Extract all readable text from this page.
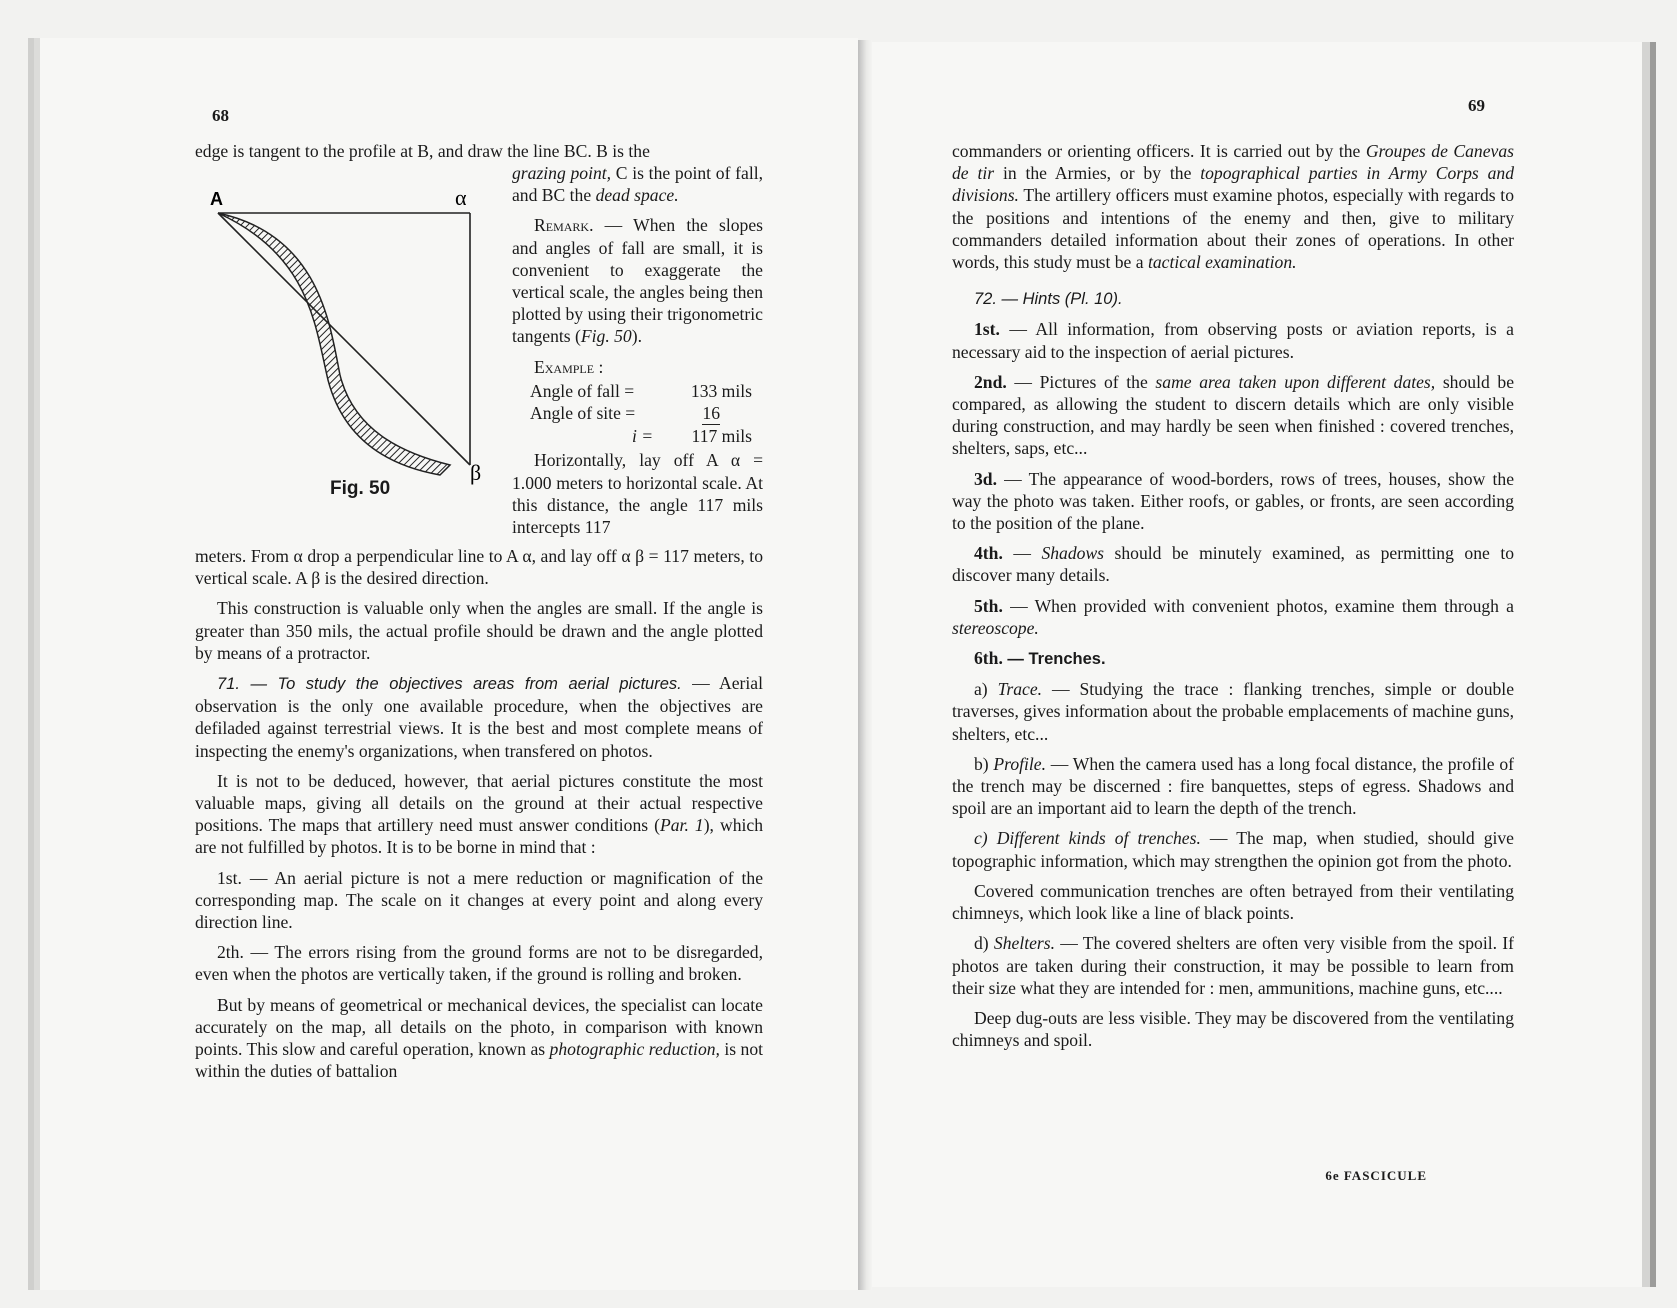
68
edge is tangent to the profile at B, and draw the line BC. B is the

grazing point, C is the point of fall, and BC the dead space.

Remark. — When the slopes and angles of fall are small, it is convenient to exaggerate the vertical scale, the angles being then plotted by using their trigonometric tangents (Fig. 50).

Example :

Angle of fall =	133 mils
Angle of site =	16
i = 117 mils

Horizontally, lay off A α = 1.000 meters to horizontal scale. At this distance, the angle 117 mils intercepts 117

A	α
β
Fig. 50

meters. From α drop a perpendicular line to A α, and lay off α β = 117 meters, to vertical scale. A β is the desired direction.

This construction is valuable only when the angles are small. If the angle is greater than 350 mils, the actual profile should be drawn and the angle plotted by means of a protractor.

71. — To study the objectives areas from aerial pictures. — Aerial observation is the only one available procedure, when the objectives are defiladed against terrestrial views. It is the best and most complete means of inspecting the enemy's organizations, when transfered on photos.

It is not to be deduced, however, that aerial pictures constitute the most valuable maps, giving all details on the ground at their actual respective positions. The maps that artillery need must answer conditions (Par. 1), which are not fulfilled by photos. It is to be borne in mind that :

1st. — An aerial picture is not a mere reduction or magnification of the corresponding map. The scale on it changes at every point and along every direction line.

2th. — The errors rising from the ground forms are not to be disregarded, even when the photos are vertically taken, if the ground is rolling and broken.

But by means of geometrical or mechanical devices, the specialist can locate accurately on the map, all details on the photo, in comparison with known points. This slow and careful operation, known as photographic reduction, is not within the duties of battalion

69

commanders or orienting officers. It is carried out by the Groupes de Canevas de tir in the Armies, or by the topographical parties in Army Corps and divisions. The artillery officers must examine photos, especially with regards to the positions and intentions of the enemy and then, give to military commanders detailed information about their zones of operations. In other words, this study must be a tactical examination.

72. — Hints (Pl. 10).

1st. — All information, from observing posts or aviation reports, is a necessary aid to the inspection of aerial pictures.

2nd. — Pictures of the same area taken upon different dates, should be compared, as allowing the student to discern details which are only visible during construction, and may hardly be seen when finished : covered trenches, shelters, saps, etc...

3d. — The appearance of wood-borders, rows of trees, houses, show the way the photo was taken. Either roofs, or gables, or fronts, are seen according to the position of the plane.

4th. — Shadows should be minutely examined, as permitting one to discover many details.

5th. — When provided with convenient photos, examine them through a stereoscope.

6th. — Trenches.

a) Trace. — Studying the trace : flanking trenches, simple or double traverses, gives information about the probable emplacements of machine guns, shelters, etc...

b) Profile. — When the camera used has a long focal distance, the profile of the trench may be discerned : fire banquettes, steps of egress. Shadows and spoil are an important aid to learn the depth of the trench.

c) Different kinds of trenches. — The map, when studied, should give topographic information, which may strengthen the opinion got from the photo.

Covered communication trenches are often betrayed from their ventilating chimneys, which look like a line of black points.

d) Shelters. — The covered shelters are often very visible from the spoil. If photos are taken during their construction, it may be possible to learn from their size what they are intended for : men, ammunitions, machine guns, etc....

Deep dug-outs are less visible. They may be discovered from the ventilating chimneys and spoil.

6e FASCICULE
